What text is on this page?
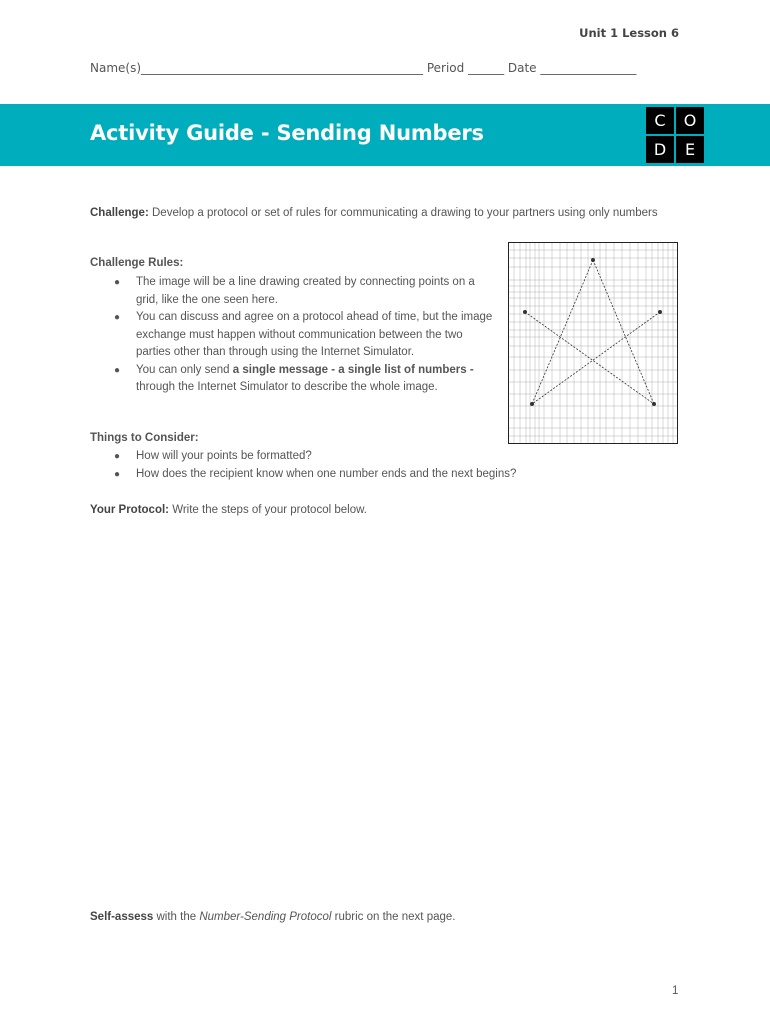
Unit 1 Lesson 6
Name(s)_______________________________________________ Period ______ Date ________________
Activity Guide - Sending Numbers
C	O
D	E
Challenge: Develop a protocol or set of rules for communicating a drawing to your partners using only numbers
Challenge Rules:
● The image will be a line drawing created by connecting points on a grid, like the one seen here.
● You can discuss and agree on a protocol ahead of time, but the image exchange must happen without communication between the two parties other than through using the Internet Simulator.
● You can only send a single message - a single list of numbers - through the Internet Simulator to describe the whole image.
Things to Consider:
● How will your points be formatted?
● How does the recipient know when one number ends and the next begins?
Your Protocol: Write the steps of your protocol below.
Self-assess with the Number-Sending Protocol rubric on the next page.
1
